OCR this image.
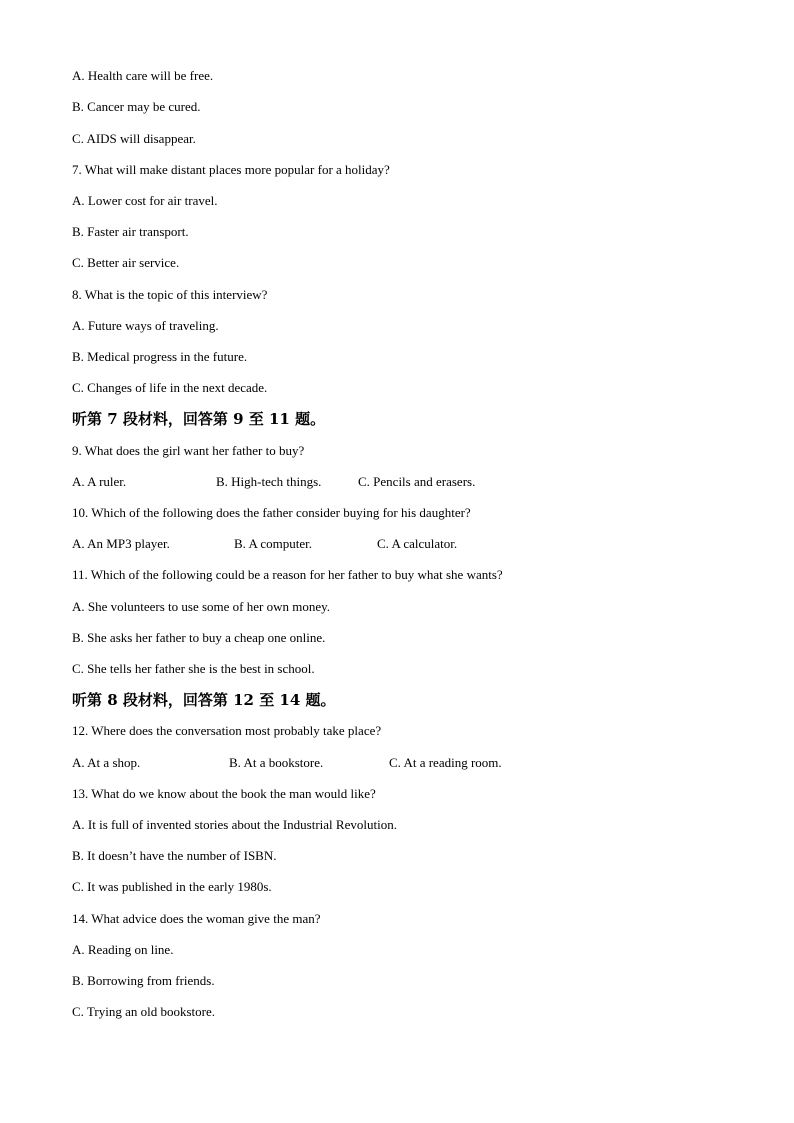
A. Health care will be free.
B. Cancer may be cured.
C. AIDS will disappear.
7. What will make distant places more popular for a holiday?
A. Lower cost for air travel.
B. Faster air transport.
C. Better air service.
8. What is the topic of this interview?
A. Future ways of traveling.
B. Medical progress in the future.
C. Changes of life in the next decade.
听第 7 段材料，回答第 9 至 11 题。
9. What does the girl want her father to buy?
A. A ruler.	B. High-tech things.	C. Pencils and erasers.
10. Which of the following does the father consider buying for his daughter?
A. An MP3 player.	B. A computer.	C. A calculator.
11. Which of the following could be a reason for her father to buy what she wants?
A. She volunteers to use some of her own money.
B. She asks her father to buy a cheap one online.
C. She tells her father she is the best in school.
听第 8 段材料，回答第 12 至 14 题。
12. Where does the conversation most probably take place?
A. At a shop.	B. At a bookstore.	C. At a reading room.
13. What do we know about the book the man would like?
A. It is full of invented stories about the Industrial Revolution.
B. It doesn’t have the number of ISBN.
C. It was published in the early 1980s.
14. What advice does the woman give the man?
A. Reading on line.
B. Borrowing from friends.
C. Trying an old bookstore.
